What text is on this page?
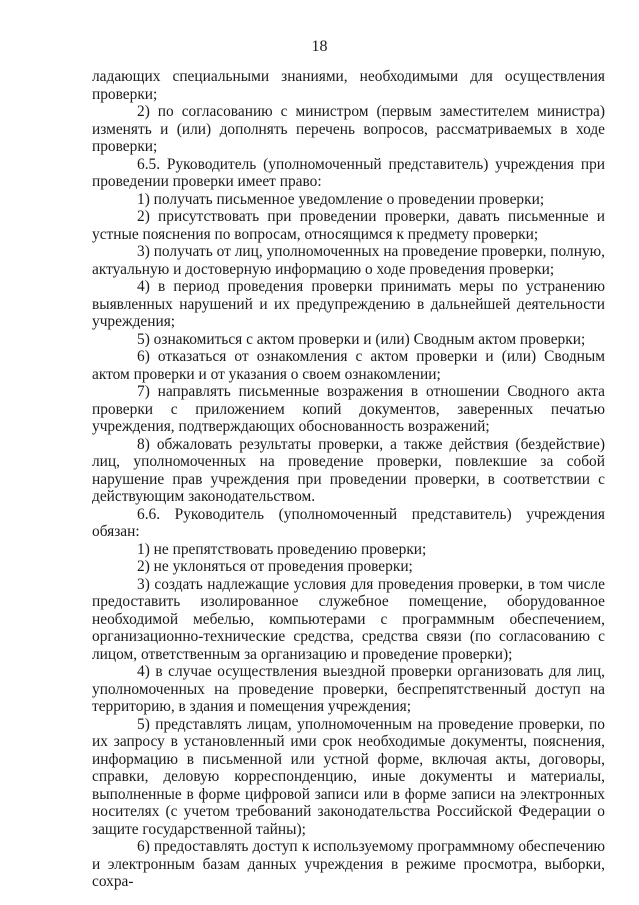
18

ладающих специальными знаниями, необходимыми для осуществления проверки;

2) по согласованию с министром (первым заместителем министра) изменять и (или) дополнять перечень вопросов, рассматриваемых в ходе проверки;

6.5. Руководитель (уполномоченный представитель) учреждения при проведении проверки имеет право:

1) получать письменное уведомление о проведении проверки;

2) присутствовать при проведении проверки, давать письменные и устные пояснения по вопросам, относящимся к предмету проверки;

3) получать от лиц, уполномоченных на проведение проверки, полную, актуальную и достоверную информацию о ходе проведения проверки;

4) в период проведения проверки принимать меры по устранению выявленных нарушений и их предупреждению в дальнейшей деятельности учреждения;

5) ознакомиться с актом проверки и (или) Сводным актом проверки;

6) отказаться от ознакомления с актом проверки и (или) Сводным актом проверки и от указания о своем ознакомлении;

7) направлять письменные возражения в отношении Сводного акта проверки с приложением копий документов, заверенных печатью учреждения, подтверждающих обоснованность возражений;

8) обжаловать результаты проверки, а также действия (бездействие) лиц, уполномоченных на проведение проверки, повлекшие за собой нарушение прав учреждения при проведении проверки, в соответствии с действующим законодательством.

6.6. Руководитель (уполномоченный представитель) учреждения обязан:

1) не препятствовать проведению проверки;

2) не уклоняться от проведения проверки;

3) создать надлежащие условия для проведения проверки, в том числе предоставить изолированное служебное помещение, оборудованное необходимой мебелью, компьютерами с программным обеспечением, организационно-технические средства, средства связи (по согласованию с лицом, ответственным за организацию и проведение проверки);

4) в случае осуществления выездной проверки организовать для лиц, уполномоченных на проведение проверки, беспрепятственный доступ на территорию, в здания и помещения учреждения;

5) представлять лицам, уполномоченным на проведение проверки, по их запросу в установленный ими срок необходимые документы, пояснения, информацию в письменной или устной форме, включая акты, договоры, справки, деловую корреспонденцию, иные документы и материалы, выполненные в форме цифровой записи или в форме записи на электронных носителях (с учетом требований законодательства Российской Федерации о защите государственной тайны);

6) предоставлять доступ к используемому программному обеспечению и электронным базам данных учреждения в режиме просмотра, выборки, сохра-
